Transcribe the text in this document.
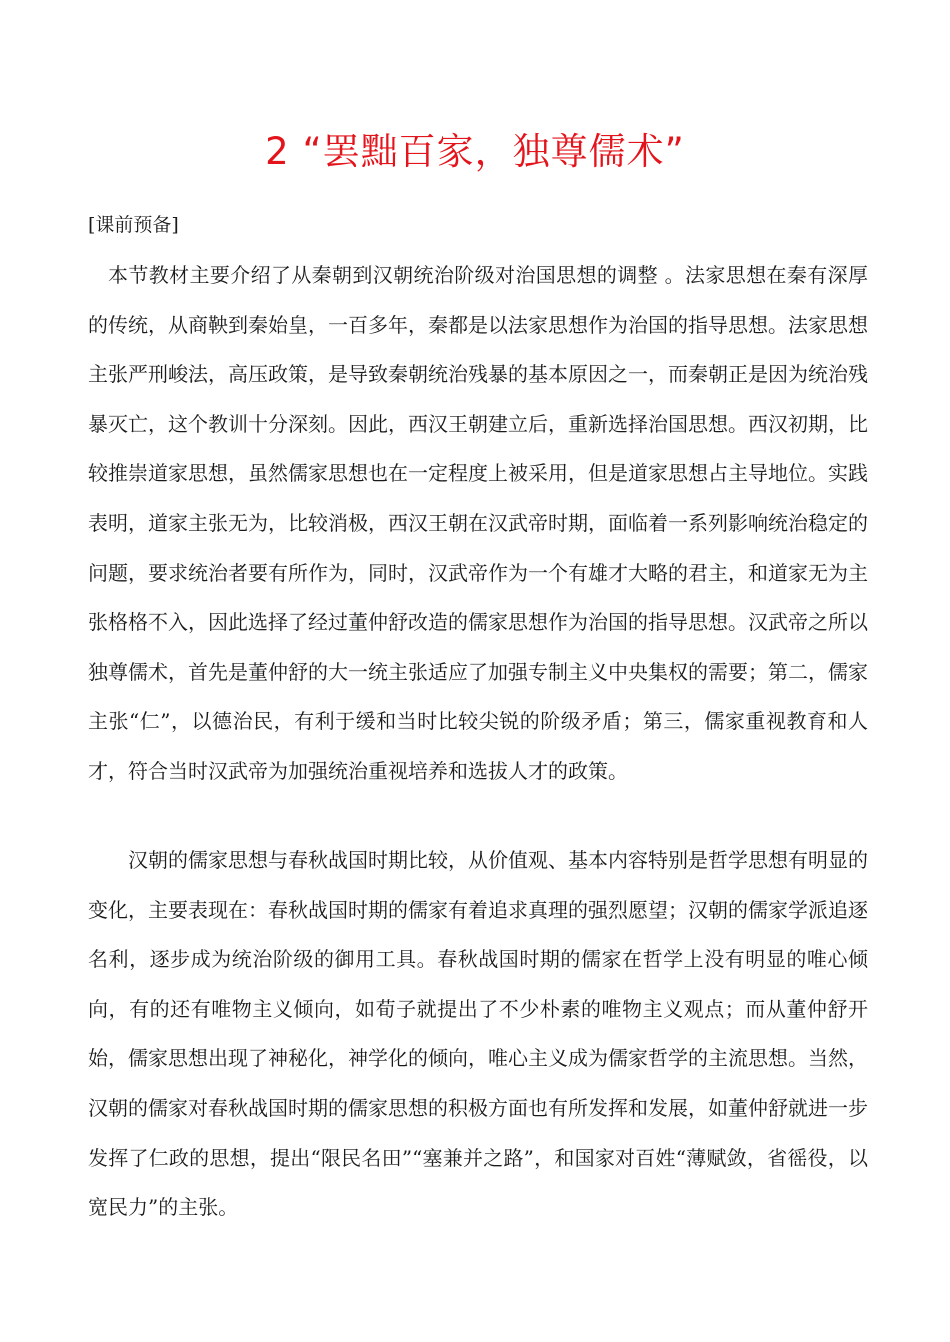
2 “罢黜百家，独尊儒术”
[课前预备]
本节教材主要介绍了从秦朝到汉朝统治阶级对治国思想的调整 。法家思想在秦有深厚的传统，从商鞅到秦始皇，一百多年，秦都是以法家思想作为治国的指导思想。法家思想主张严刑峻法，高压政策，是导致秦朝统治残暴的基本原因之一，而秦朝正是因为统治残暴灭亡，这个教训十分深刻。因此，西汉王朝建立后，重新选择治国思想。西汉初期，比较推崇道家思想，虽然儒家思想也在一定程度上被采用，但是道家思想占主导地位。实践表明，道家主张无为，比较消极，西汉王朝在汉武帝时期，面临着一系列影响统治稳定的问题，要求统治者要有所作为，同时，汉武帝作为一个有雄才大略的君主，和道家无为主张格格不入，因此选择了经过董仲舒改造的儒家思想作为治国的指导思想。汉武帝之所以独尊儒术，首先是董仲舒的大一统主张适应了加强专制主义中央集权的需要；第二，儒家主张“仁”，以德治民，有利于缓和当时比较尖锐的阶级矛盾；第三，儒家重视教育和人才，符合当时汉武帝为加强统治重视培养和选拔人才的政策。
汉朝的儒家思想与春秋战国时期比较，从价值观、基本内容特别是哲学思想有明显的变化，主要表现在：春秋战国时期的儒家有着追求真理的强烈愿望；汉朝的儒家学派追逐名利，逐步成为统治阶级的御用工具。春秋战国时期的儒家在哲学上没有明显的唯心倾向，有的还有唯物主义倾向，如荀子就提出了不少朴素的唯物主义观点；而从董仲舒开始，儒家思想出现了神秘化，神学化的倾向，唯心主义成为儒家哲学的主流思想。当然，汉朝的儒家对春秋战国时期的儒家思想的积极方面也有所发挥和发展，如董仲舒就进一步发挥了仁政的思想，提出“限民名田”“塞兼并之路”，和国家对百姓“薄赋敛，省徭役，以宽民力”的主张。
